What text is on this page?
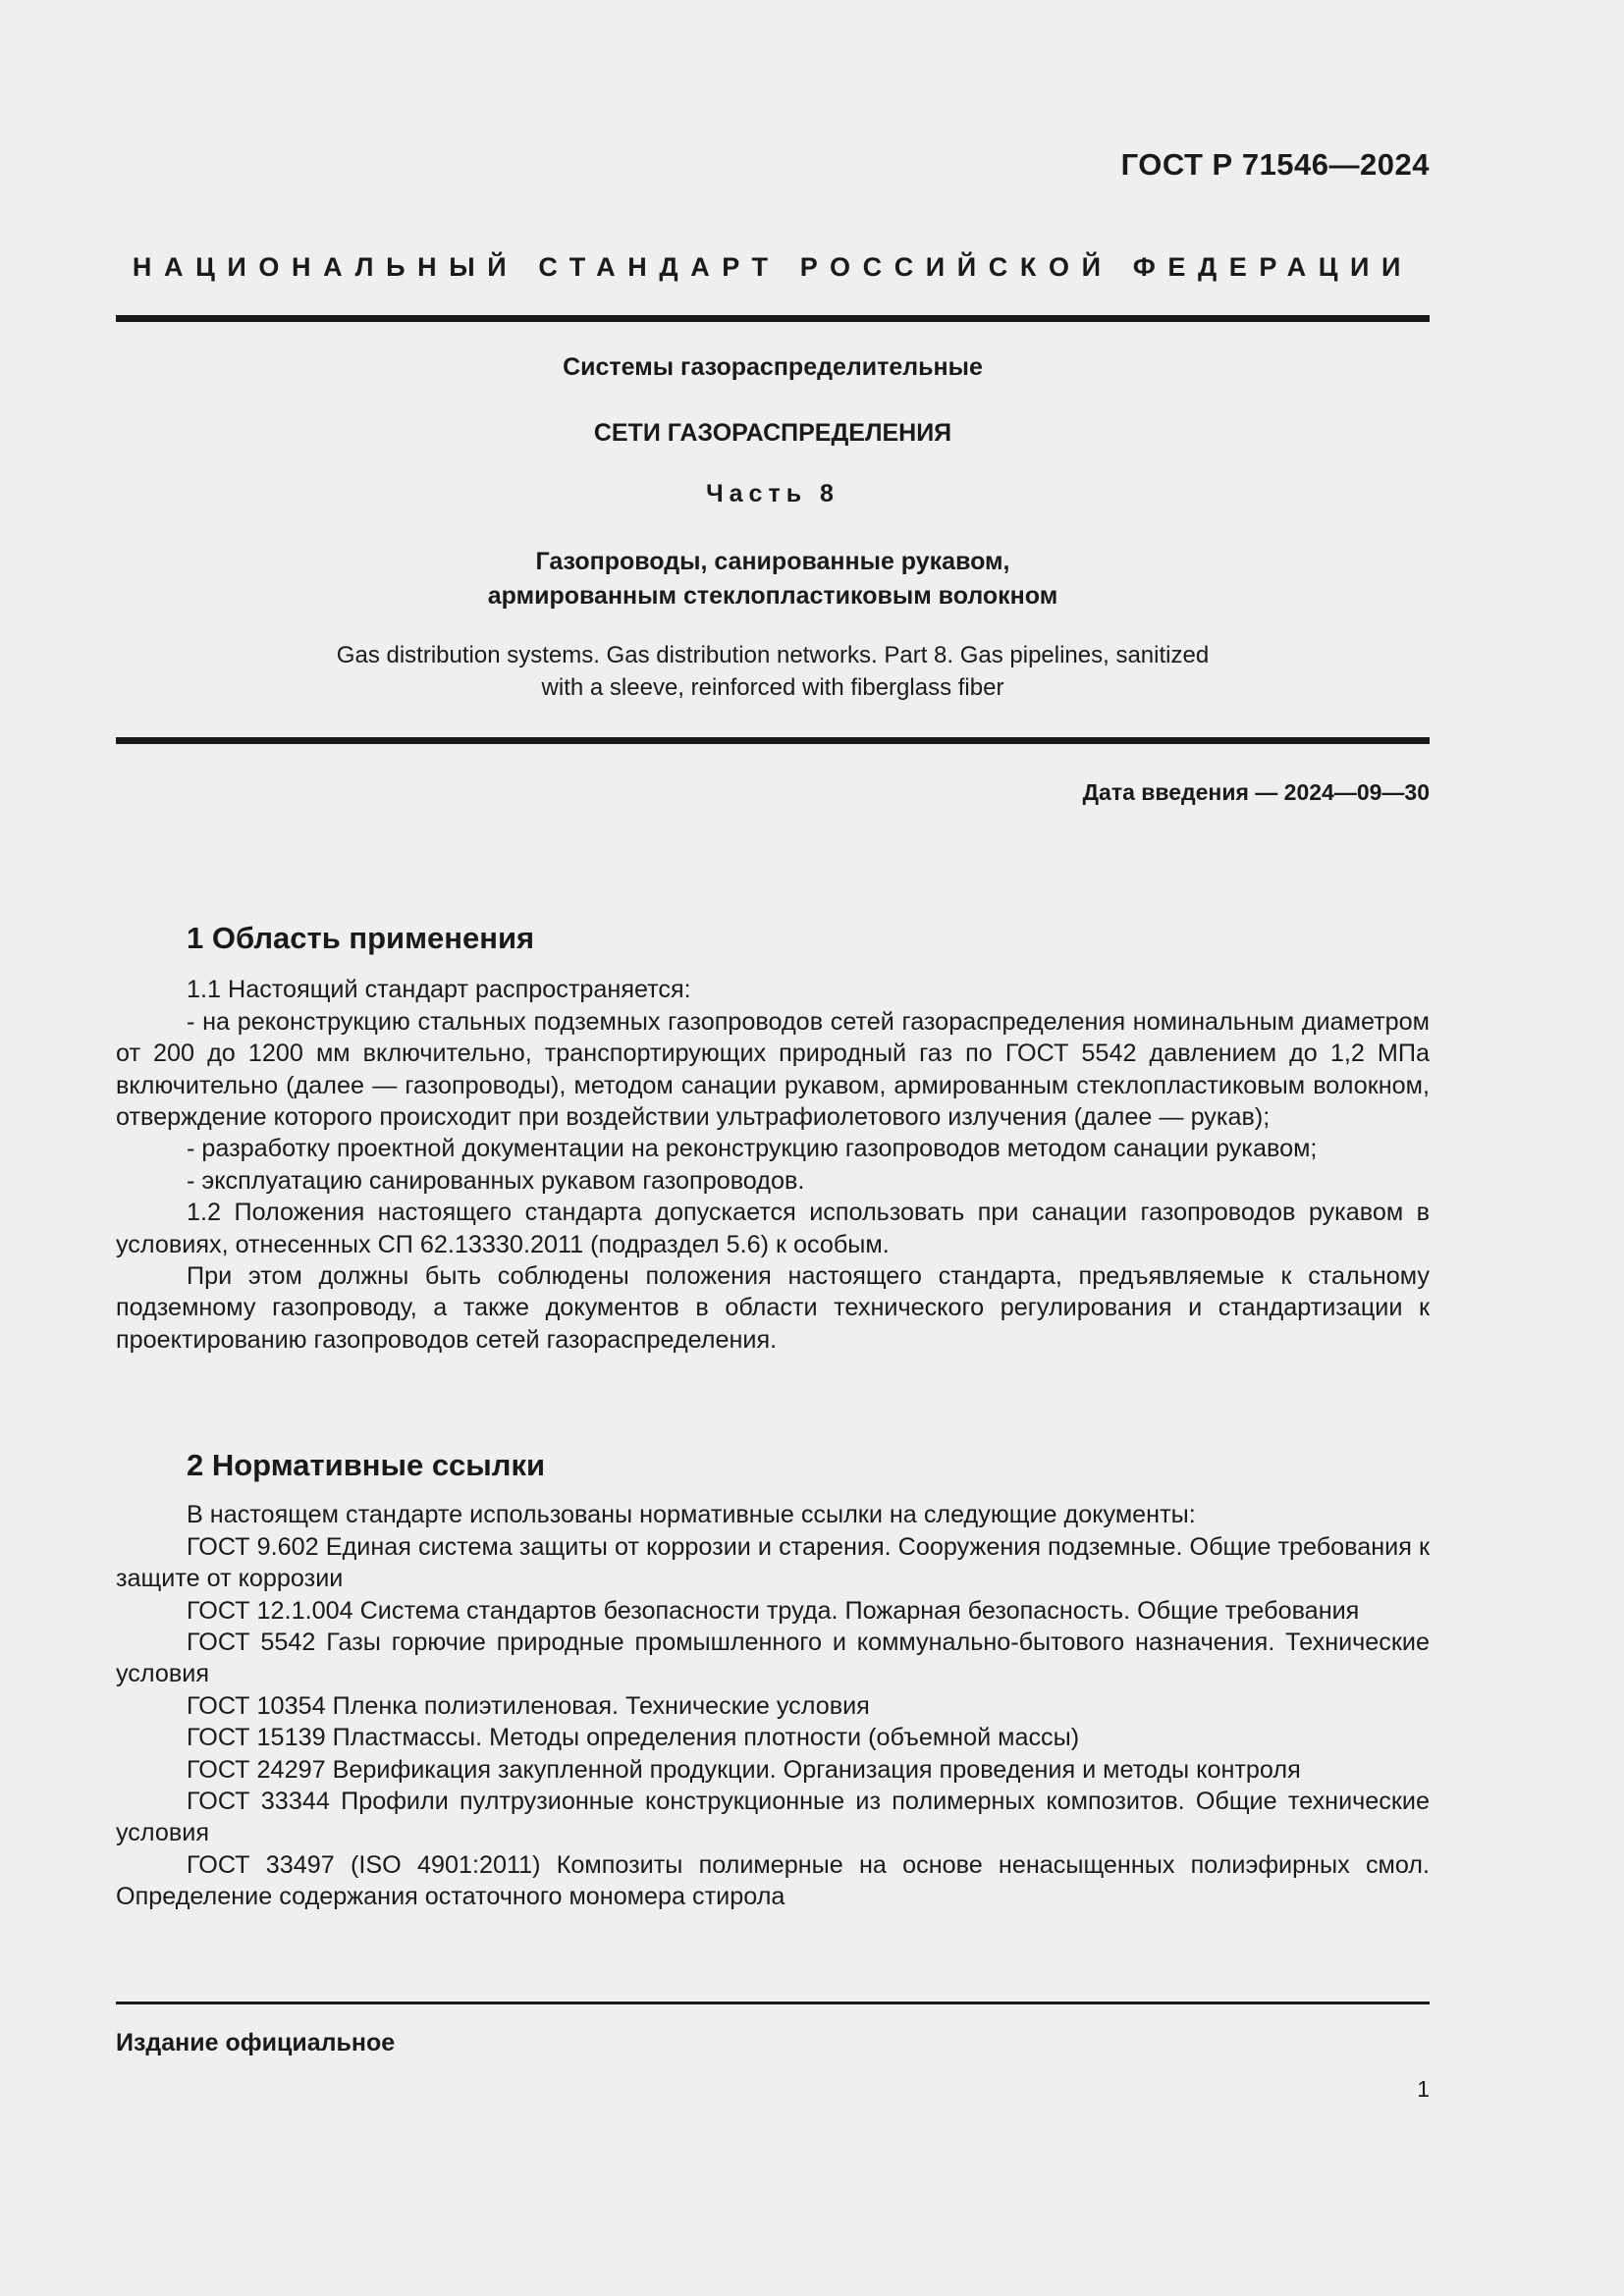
ГОСТ Р 71546—2024
НАЦИОНАЛЬНЫЙ СТАНДАРТ РОССИЙСКОЙ ФЕДЕРАЦИИ
Системы газораспределительные
СЕТИ ГАЗОРАСПРЕДЕЛЕНИЯ
Часть 8
Газопроводы, санированные рукавом,
армированным стеклопластиковым волокном
Gas distribution systems. Gas distribution networks. Part 8. Gas pipelines, sanitized
with a sleeve, reinforced with fiberglass fiber
Дата введения — 2024—09—30
1 Область применения

1.1 Настоящий стандарт распространяется:

- на реконструкцию стальных подземных газопроводов сетей газораспределения номинальным диаметром от 200 до 1200 мм включительно, транспортирующих природный газ по ГОСТ 5542 давлением до 1,2 МПа включительно (далее — газопроводы), методом санации рукавом, армированным стеклопластиковым волокном, отверждение которого происходит при воздействии ультрафиолетового излучения (далее — рукав);

- разработку проектной документации на реконструкцию газопроводов методом санации рукавом;

- эксплуатацию санированных рукавом газопроводов.

1.2 Положения настоящего стандарта допускается использовать при санации газопроводов рукавом в условиях, отнесенных СП 62.13330.2011 (подраздел 5.6) к особым.

При этом должны быть соблюдены положения настоящего стандарта, предъявляемые к стальному подземному газопроводу, а также документов в области технического регулирования и стандартизации к проектированию газопроводов сетей газораспределения.

2 Нормативные ссылки

В настоящем стандарте использованы нормативные ссылки на следующие документы:

ГОСТ 9.602 Единая система защиты от коррозии и старения. Сооружения подземные. Общие требования к защите от коррозии

ГОСТ 12.1.004 Система стандартов безопасности труда. Пожарная безопасность. Общие требования

ГОСТ 5542 Газы горючие природные промышленного и коммунально-бытового назначения. Технические условия

ГОСТ 10354 Пленка полиэтиленовая. Технические условия

ГОСТ 15139 Пластмассы. Методы определения плотности (объемной массы)

ГОСТ 24297 Верификация закупленной продукции. Организация проведения и методы контроля

ГОСТ 33344 Профили пултрузионные конструкционные из полимерных композитов. Общие технические условия

ГОСТ 33497 (ISO 4901:2011) Композиты полимерные на основе ненасыщенных полиэфирных смол. Определение содержания остаточного мономера стирола

Издание официальное
1
